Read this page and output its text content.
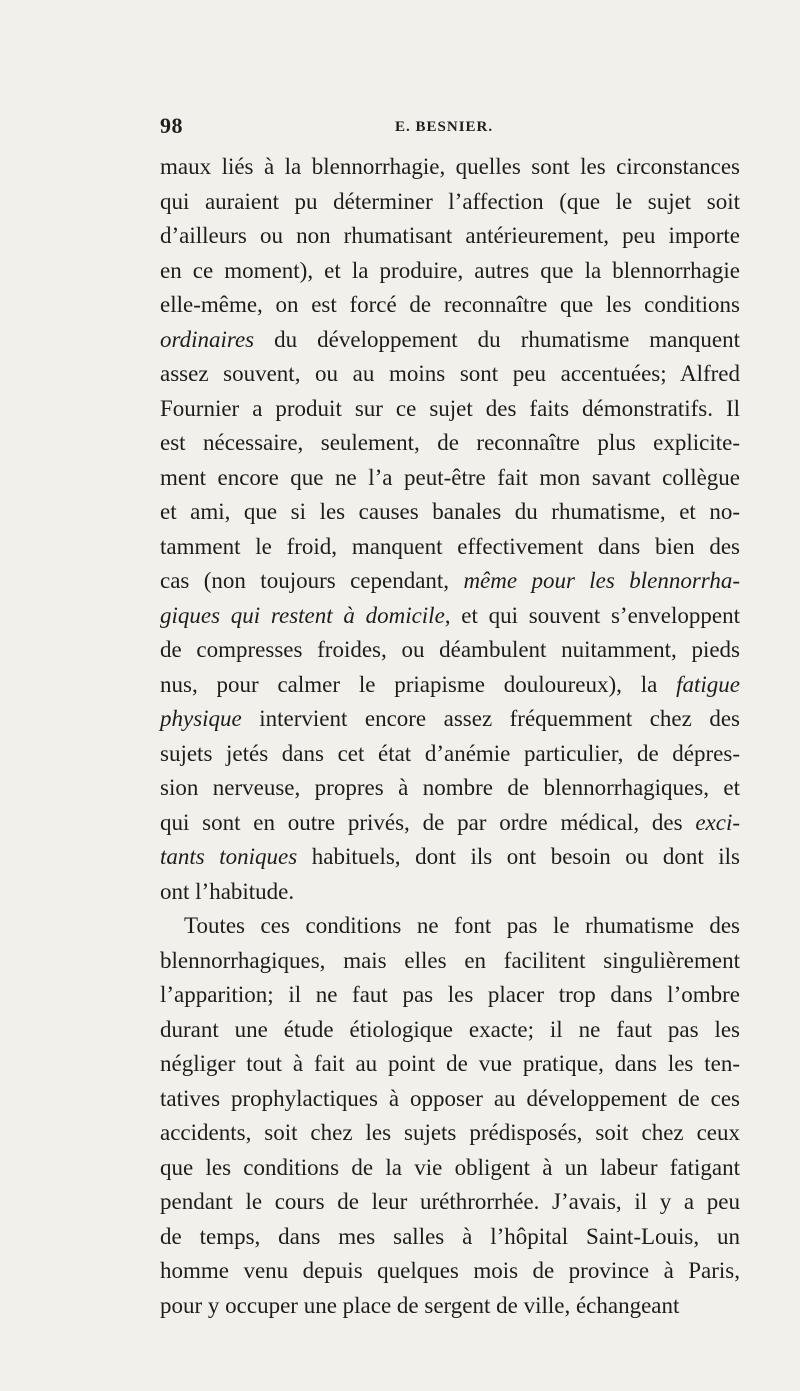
98	E. BESNIER.
maux liés à la blennorrhagie, quelles sont les circonstances
qui auraient pu déterminer l’affection (que le sujet soit
d’ailleurs ou non rhumatisant antérieurement, peu importe
en ce moment), et la produire, autres que la blennorrhagie
elle-même, on est forcé de reconnaître que les conditions
ordinaires du développement du rhumatisme manquent
assez souvent, ou au moins sont peu accentuées; Alfred
Fournier a produit sur ce sujet des faits démonstratifs. Il
est nécessaire, seulement, de reconnaître plus explicite-
ment encore que ne l’a peut-être fait mon savant collègue
et ami, que si les causes banales du rhumatisme, et no-
tamment le froid, manquent effectivement dans bien des
cas (non toujours cependant, même pour les blennorrha-
giques qui restent à domicile, et qui souvent s’enveloppent
de compresses froides, ou déambulent nuitamment, pieds
nus, pour calmer le priapisme douloureux), la fatigue
physique intervient encore assez fréquemment chez des
sujets jetés dans cet état d’anémie particulier, de dépres-
sion nerveuse, propres à nombre de blennorrhagiques, et
qui sont en outre privés, de par ordre médical, des exci-
tants toniques habituels, dont ils ont besoin ou dont ils
ont l’habitude.
Toutes ces conditions ne font pas le rhumatisme des
blennorrhagiques, mais elles en facilitent singulièrement
l’apparition; il ne faut pas les placer trop dans l’ombre
durant une étude étiologique exacte; il ne faut pas les
négliger tout à fait au point de vue pratique, dans les ten-
tatives prophylactiques à opposer au développement de ces
accidents, soit chez les sujets prédisposés, soit chez ceux
que les conditions de la vie obligent à un labeur fatigant
pendant le cours de leur uréthrorrhée. J’avais, il y a peu
de temps, dans mes salles à l’hôpital Saint-Louis, un
homme venu depuis quelques mois de province à Paris,
pour y occuper une place de sergent de ville, échangeant
